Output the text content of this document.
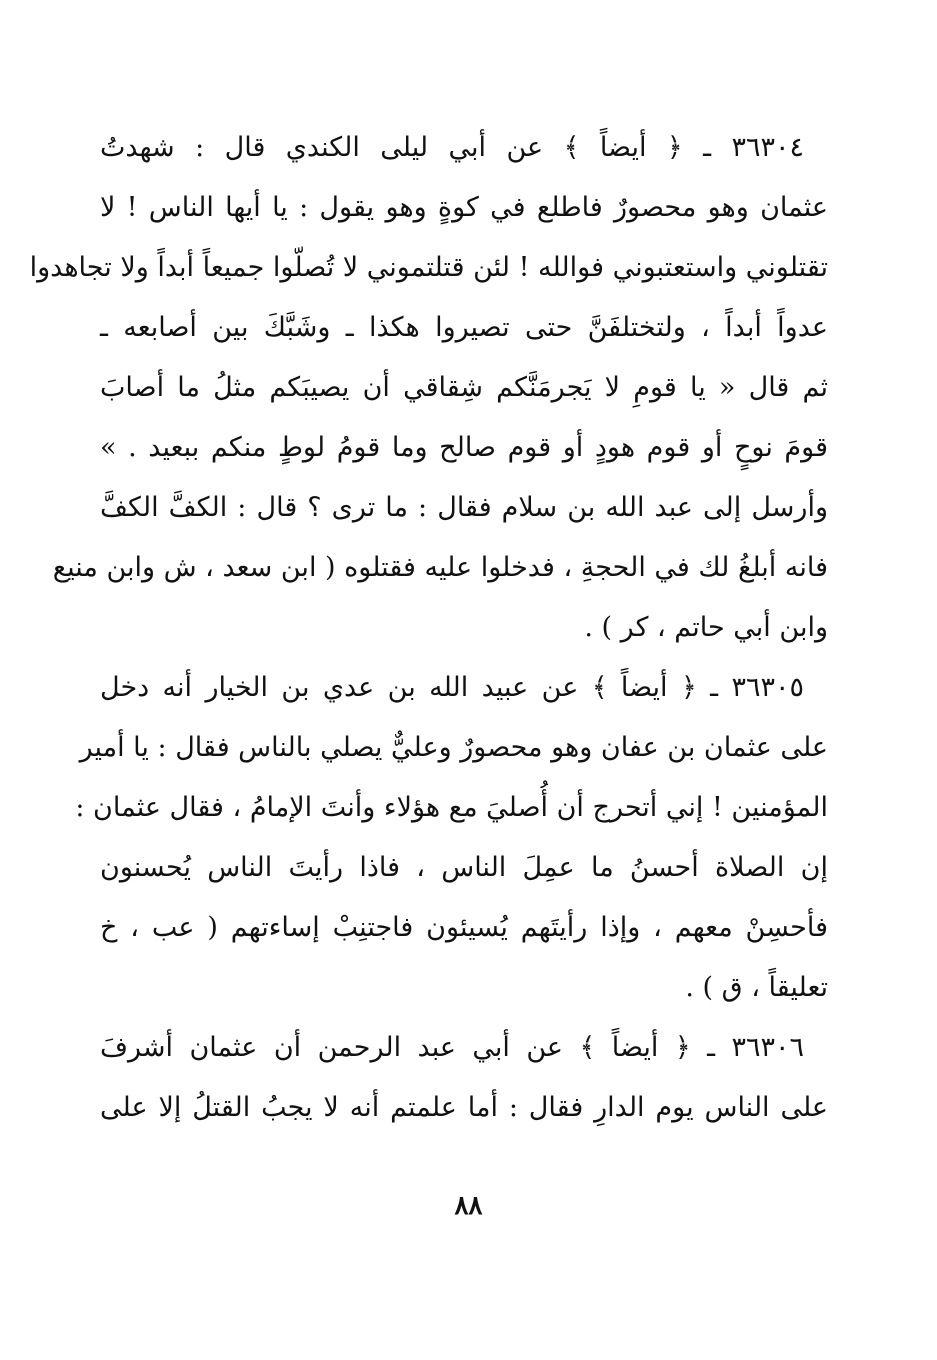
٣٦٣٠٤ ـ ﴿ أيضاً ﴾ عن أبي ليلى الكندي قال : شهدتُ
عثمان وهو محصورٌ فاطلع في كوةٍ وهو يقول : يا أيها الناس ! لا
تقتلوني واستعتبوني فوالله ! لئن قتلتموني لا تُصلّوا جميعاً أبداً ولا تجاهدوا
عدواً أبداً ، ولتختلفَنَّ حتى تصيروا هكذا ـ وشَبَّكَ بين أصابعه ـ
ثم قال « يا قومِ لا يَجرمَنَّكم شِقاقي أن يصيبَكم مثلُ ما أصابَ
قومَ نوحٍ أو قوم هودٍ أو قوم صالح وما قومُ لوطٍ منكم ببعيد . »
وأرسل إلى عبد الله بن سلام فقال : ما ترى ؟ قال : الكفَّ الكفَّ
فانه أبلغُ لك في الحجةِ ، فدخلوا عليه فقتلوه ( ابن سعد ، ش وابن منيع
وابن أبي حاتم ، كر ) .
٣٦٣٠٥ ـ ﴿ أيضاً ﴾ عن عبيد الله بن عدي بن الخيار أنه دخل
على عثمان بن عفان وهو محصورٌ وعليٌّ يصلي بالناس فقال : يا أمير
المؤمنين ! إني أتحرج أن أُصليَ مع هؤلاء وأنتَ الإمامُ ، فقال عثمان :
إن الصلاة أحسنُ ما عمِلَ الناس ، فاذا رأيتَ الناس يُحسنون
فأحسِنْ معهم ، وإذا رأيتَهم يُسيئون فاجتنِبْ إساءتهم ( عب ، خ
تعليقاً ، ق ) .
٣٦٣٠٦ ـ ﴿ أيضاً ﴾ عن أبي عبد الرحمن أن عثمان أشرفَ
على الناس يوم الدارِ فقال : أما علمتم أنه لا يجبُ القتلُ إلا على
٨٨
